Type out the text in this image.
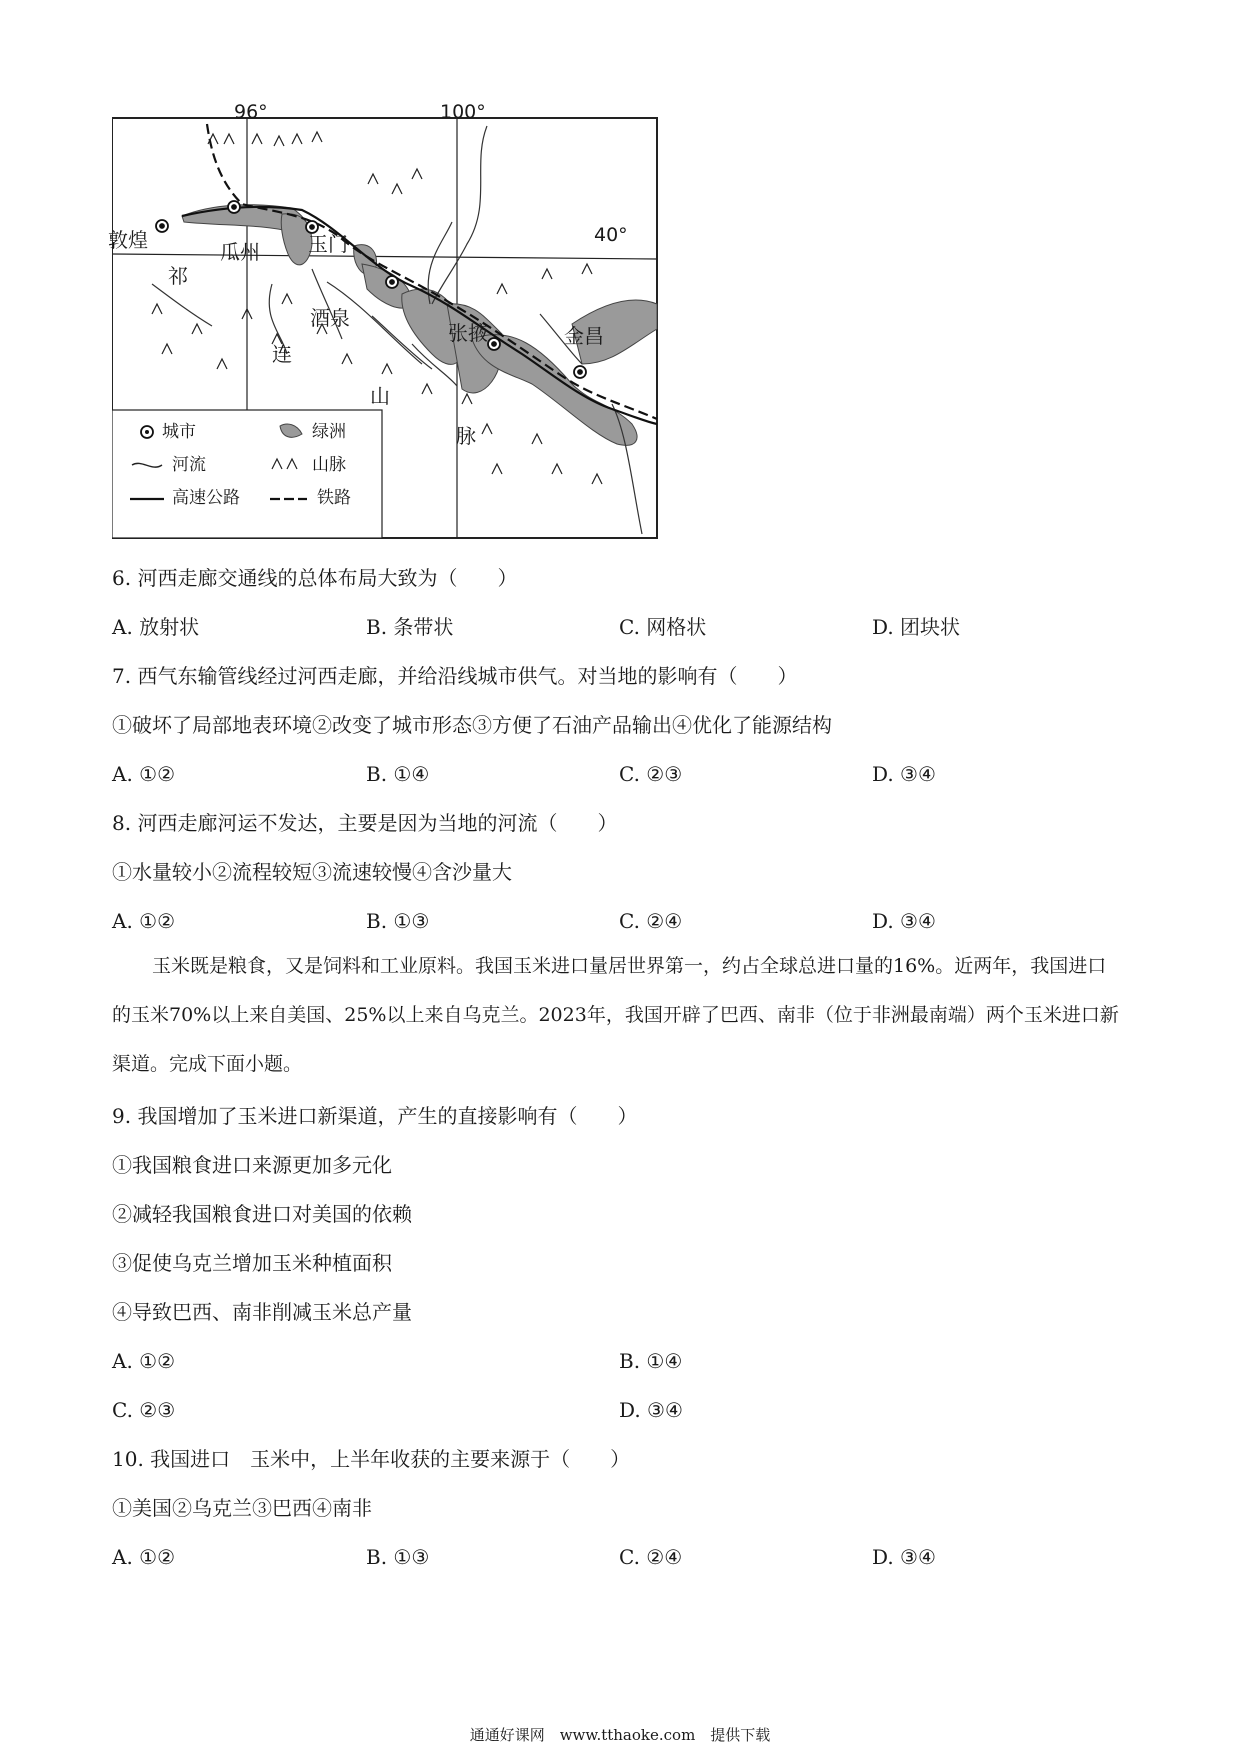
96°	100°
40°
敦煌	瓜州 玉门
酒泉
张掖	金昌
祁
连
山
脉
城市	绿洲
河流	山脉
高速公路	铁路
6. 河西走廊交通线的总体布局大致为（　　）
A. 放射状	B. 条带状	C. 网格状	D. 团块状
7. 西气东输管线经过河西走廊，并给沿线城市供气。对当地的影响有（　　）
①破坏了局部地表环境②改变了城市形态③方便了石油产品输出④优化了能源结构
A. ①②	B. ①④	C. ②③	D. ③④
8. 河西走廊河运不发达，主要是因为当地的河流（　　）
①水量较小②流程较短③流速较慢④含沙量大
A. ①②	B. ①③	C. ②④	D. ③④

玉米既是粮食，又是饲料和工业原料。我国玉米进口量居世界第一，约占全球总进口量的16%。近两年，我国进口的玉米70%以上来自美国、25%以上来自乌克兰。2023年，我国开辟了巴西、南非（位于非洲最南端）两个玉米进口新渠道。完成下面小题。

9. 我国增加了玉米进口新渠道，产生的直接影响有（　　）
①我国粮食进口来源更加多元化
②减轻我国粮食进口对美国的依赖
③促使乌克兰增加玉米种植面积
④导致巴西、南非削减玉米总产量
A. ①②	B. ①④
C. ②③	D. ③④
10. 我国进口　玉米中，上半年收获的主要来源于（　　）
①美国②乌克兰③巴西④南非
A. ①②	B. ①③	C. ②④	D. ③④
通通好课网　www.tthaoke.com　提供下载
